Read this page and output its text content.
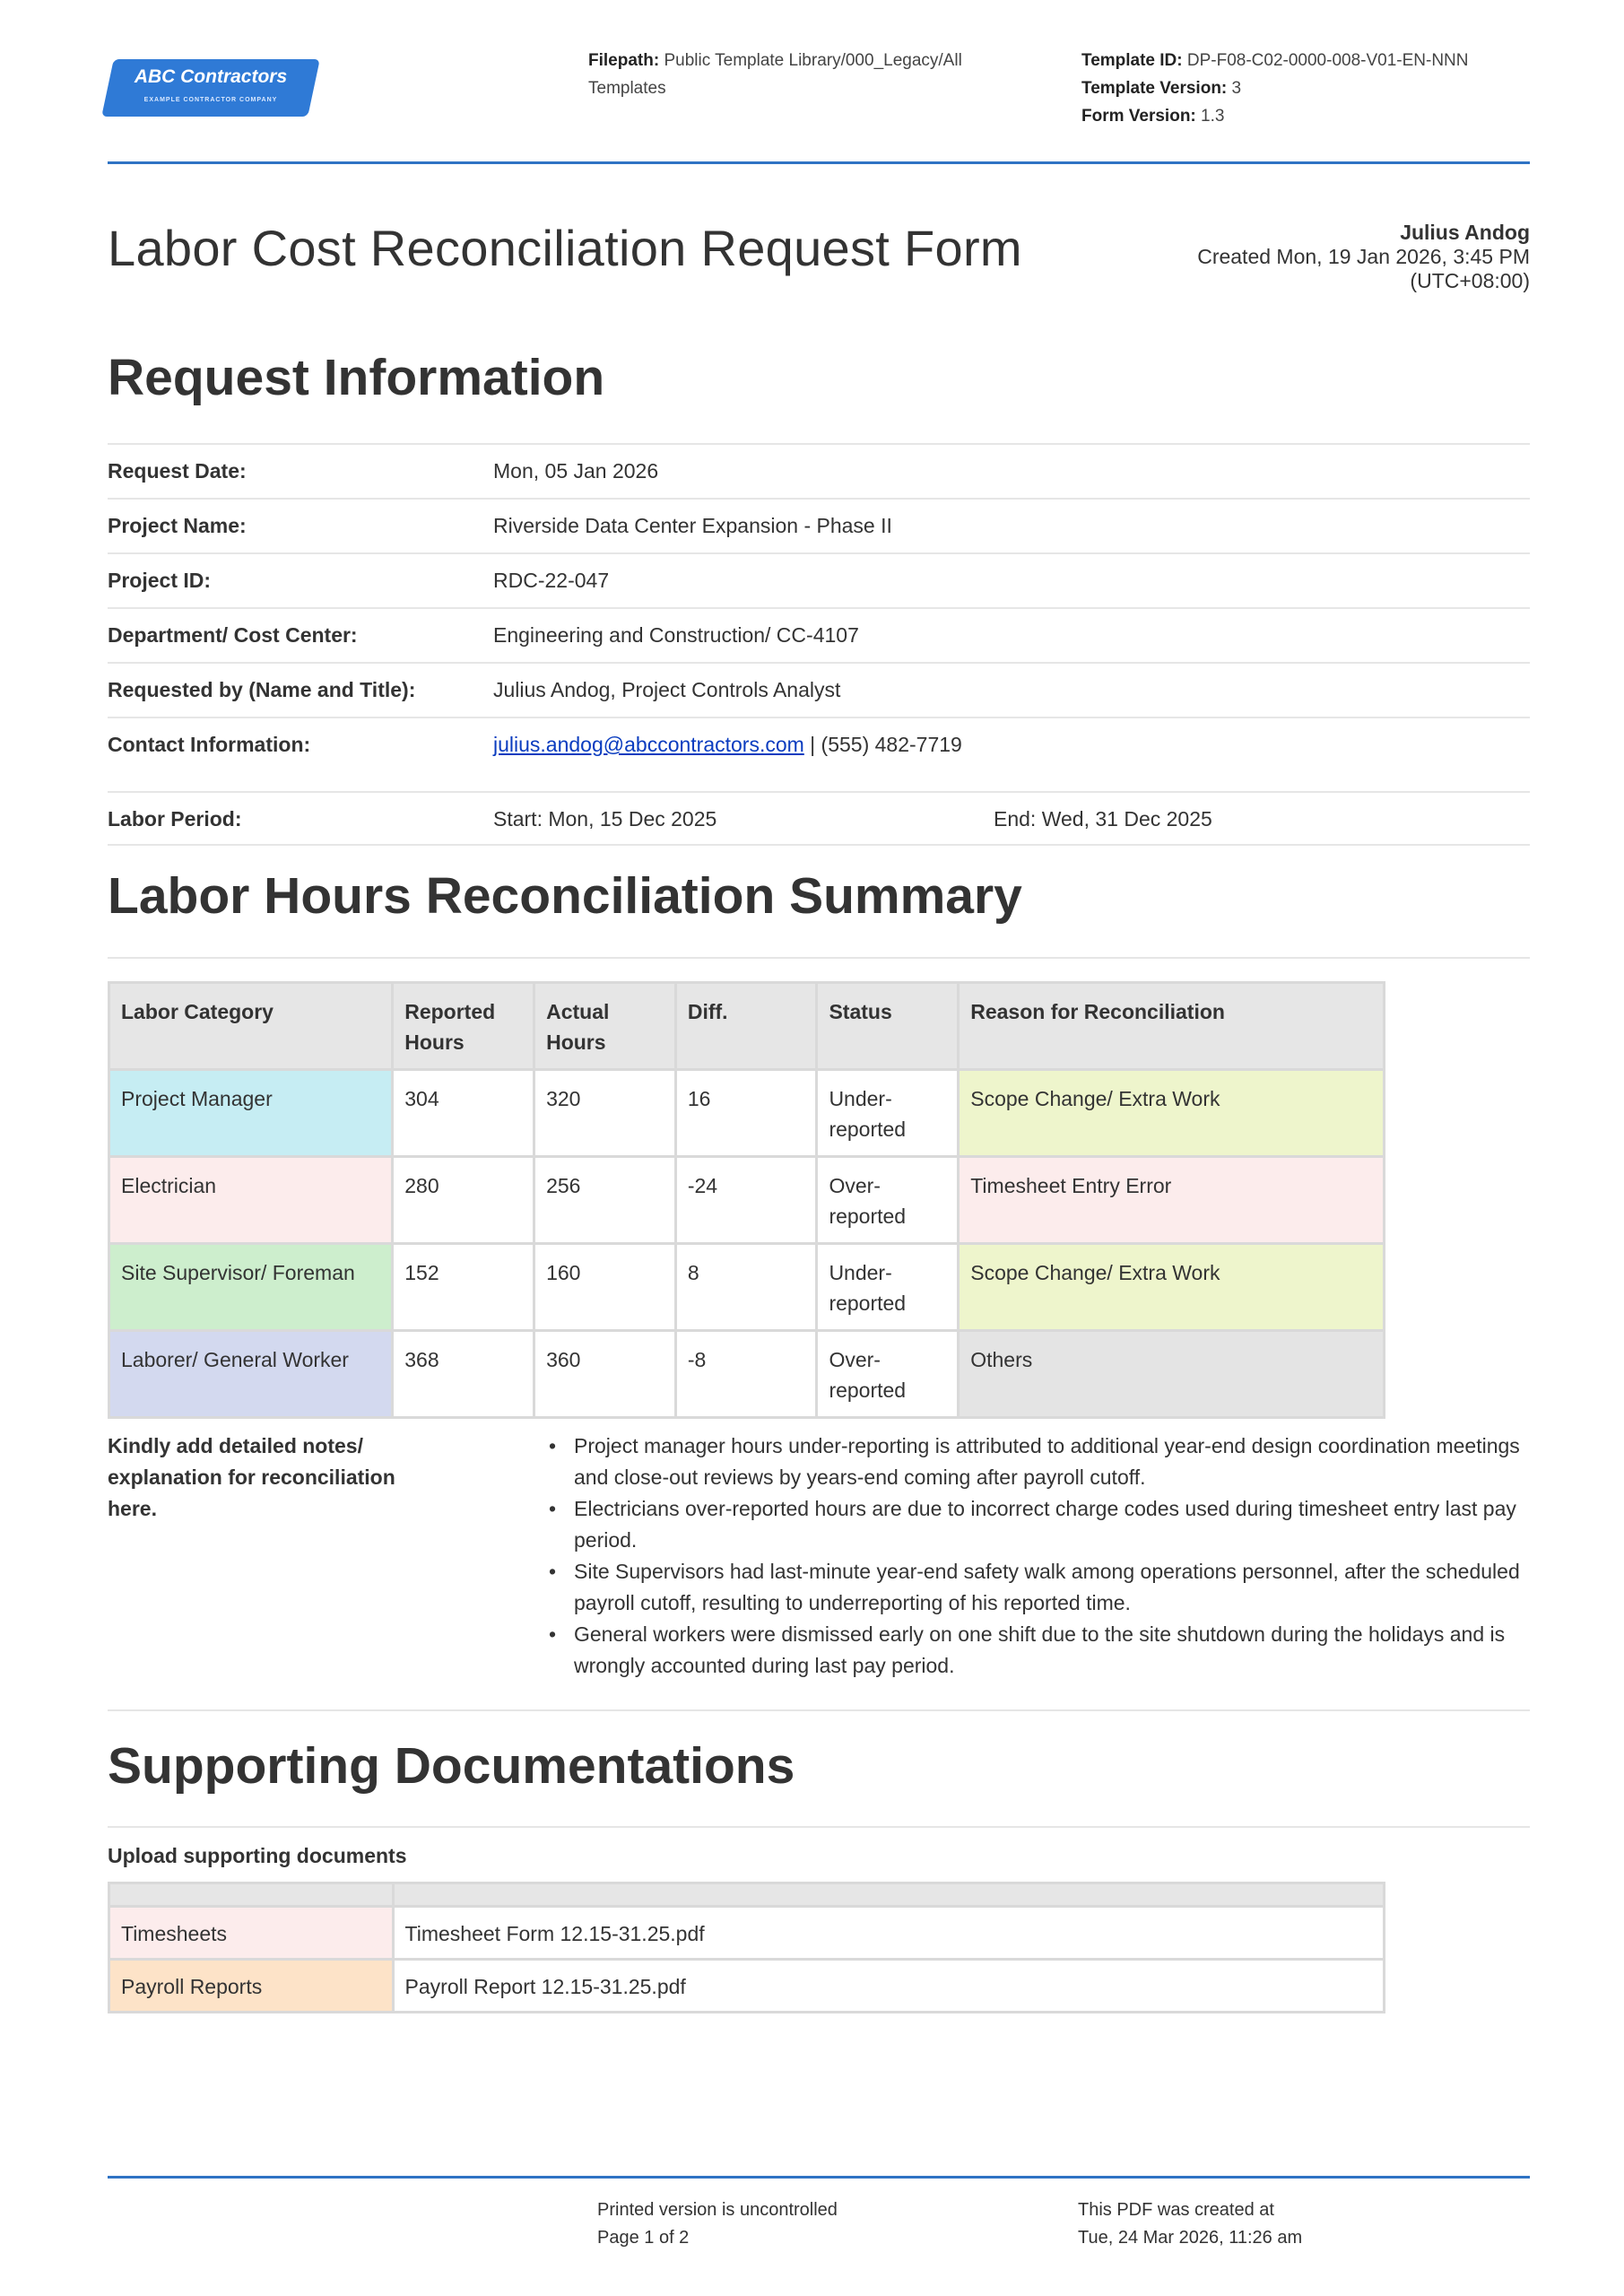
ABC Contractors
EXAMPLE CONTRACTOR COMPANY
Filepath: Public Template Library/000_Legacy/All Templates
Template ID: DP-F08-C02-0000-008-V01-EN-NNN
Template Version: 3
Form Version: 1.3
Labor Cost Reconciliation Request Form	Julius Andog
Created Mon, 19 Jan 2026, 3:45 PM
(UTC+08:00)
Request Information
Request Date:	Mon, 05 Jan 2026
Project Name:	Riverside Data Center Expansion - Phase II
Project ID:	RDC-22-047
Department/ Cost Center:	Engineering and Construction/ CC-4107
Requested by (Name and Title):	Julius Andog, Project Controls Analyst
Contact Information:	julius.andog@abccontractors.com | (555) 482-7719
Labor Period:	Start: Mon, 15 Dec 2025	End: Wed, 31 Dec 2025
Labor Hours Reconciliation Summary
Labor Category	Reported Hours	Actual Hours	Diff.	Status	Reason for Reconciliation
Project Manager	304	320	16	Under-reported	Scope Change/ Extra Work
Electrician	280	256	-24	Over-reported	Timesheet Entry Error
Site Supervisor/ Foreman	152	160	8	Under-reported	Scope Change/ Extra Work
Laborer/ General Worker	368	360	-8	Over-reported	Others
Kindly add detailed notes/ explanation for reconciliation here.
• Project manager hours under-reporting is attributed to additional year-end design coordination meetings and close-out reviews by years-end coming after payroll cutoff.
• Electricians over-reported hours are due to incorrect charge codes used during timesheet entry last pay period.
• Site Supervisors had last-minute year-end safety walk among operations personnel, after the scheduled payroll cutoff, resulting to underreporting of his reported time.
• General workers were dismissed early on one shift due to the site shutdown during the holidays and is wrongly accounted during last pay period.
Supporting Documentations
Upload supporting documents

Timesheets	Timesheet Form 12.15-31.25.pdf
Payroll Reports	Payroll Report 12.15-31.25.pdf
Printed version is uncontrolled
Page 1 of 2
This PDF was created at
Tue, 24 Mar 2026, 11:26 am
